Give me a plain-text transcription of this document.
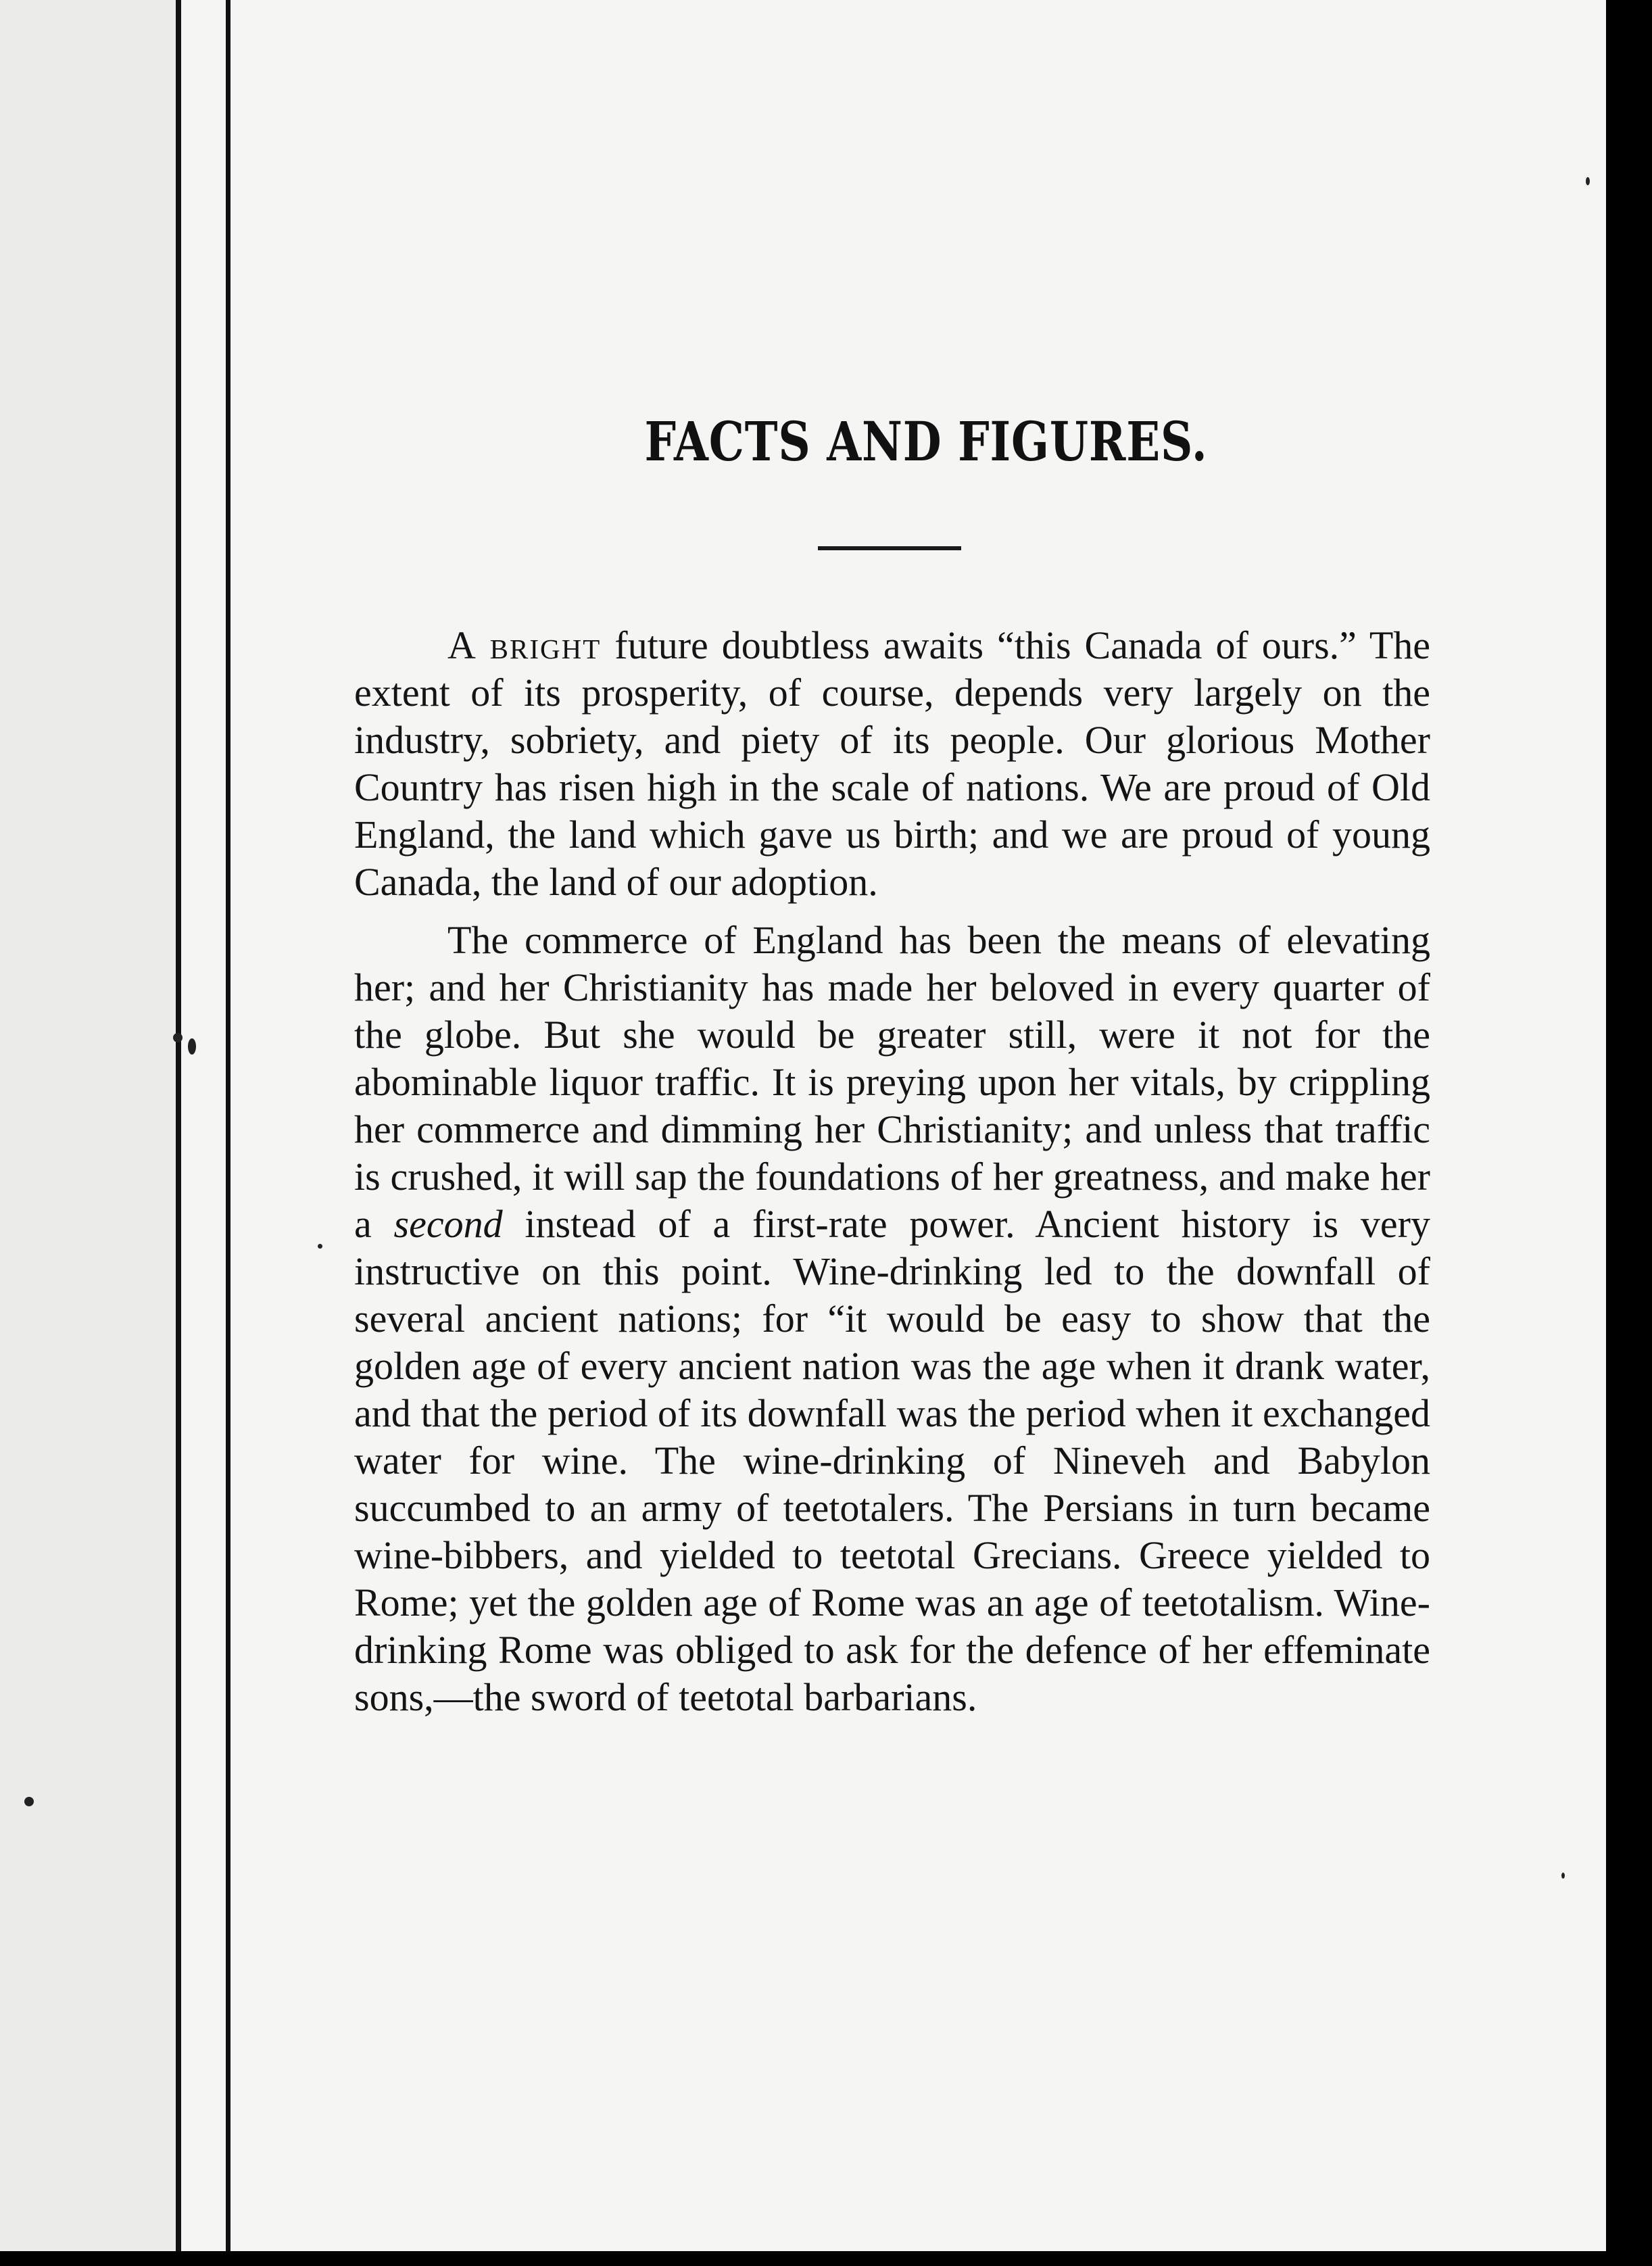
FACTS AND FIGURES.

A bright future doubtless awaits “this Canada of ours.” The extent of its prosperity, of course, depends very largely on the industry, sobriety, and piety of its people. Our glorious Mother Country has risen high in the scale of nations. We are proud of Old England, the land which gave us birth; and we are proud of young Canada, the land of our adoption.

The commerce of England has been the means of elevating her; and her Christianity has made her beloved in every quarter of the globe. But she would be greater still, were it not for the abominable liquor traffic. It is preying upon her vitals, by crippling her commerce and dimming her Christianity; and unless that traffic is crushed, it will sap the foundations of her greatness, and make her a second instead of a first-rate power. Ancient history is very instructive on this point. Wine-drinking led to the downfall of several ancient nations; for “it would be easy to show that the golden age of every ancient nation was the age when it drank water, and that the period of its downfall was the period when it exchanged water for wine. The wine-drinking of Nineveh and Babylon succumbed to an army of teetotalers. The Persians in turn became wine-bibbers, and yielded to teetotal Grecians. Greece yielded to Rome; yet the golden age of Rome was an age of teetotalism. Wine-drinking Rome was obliged to ask for the defence of her effeminate sons,—the sword of teetotal barbarians.
